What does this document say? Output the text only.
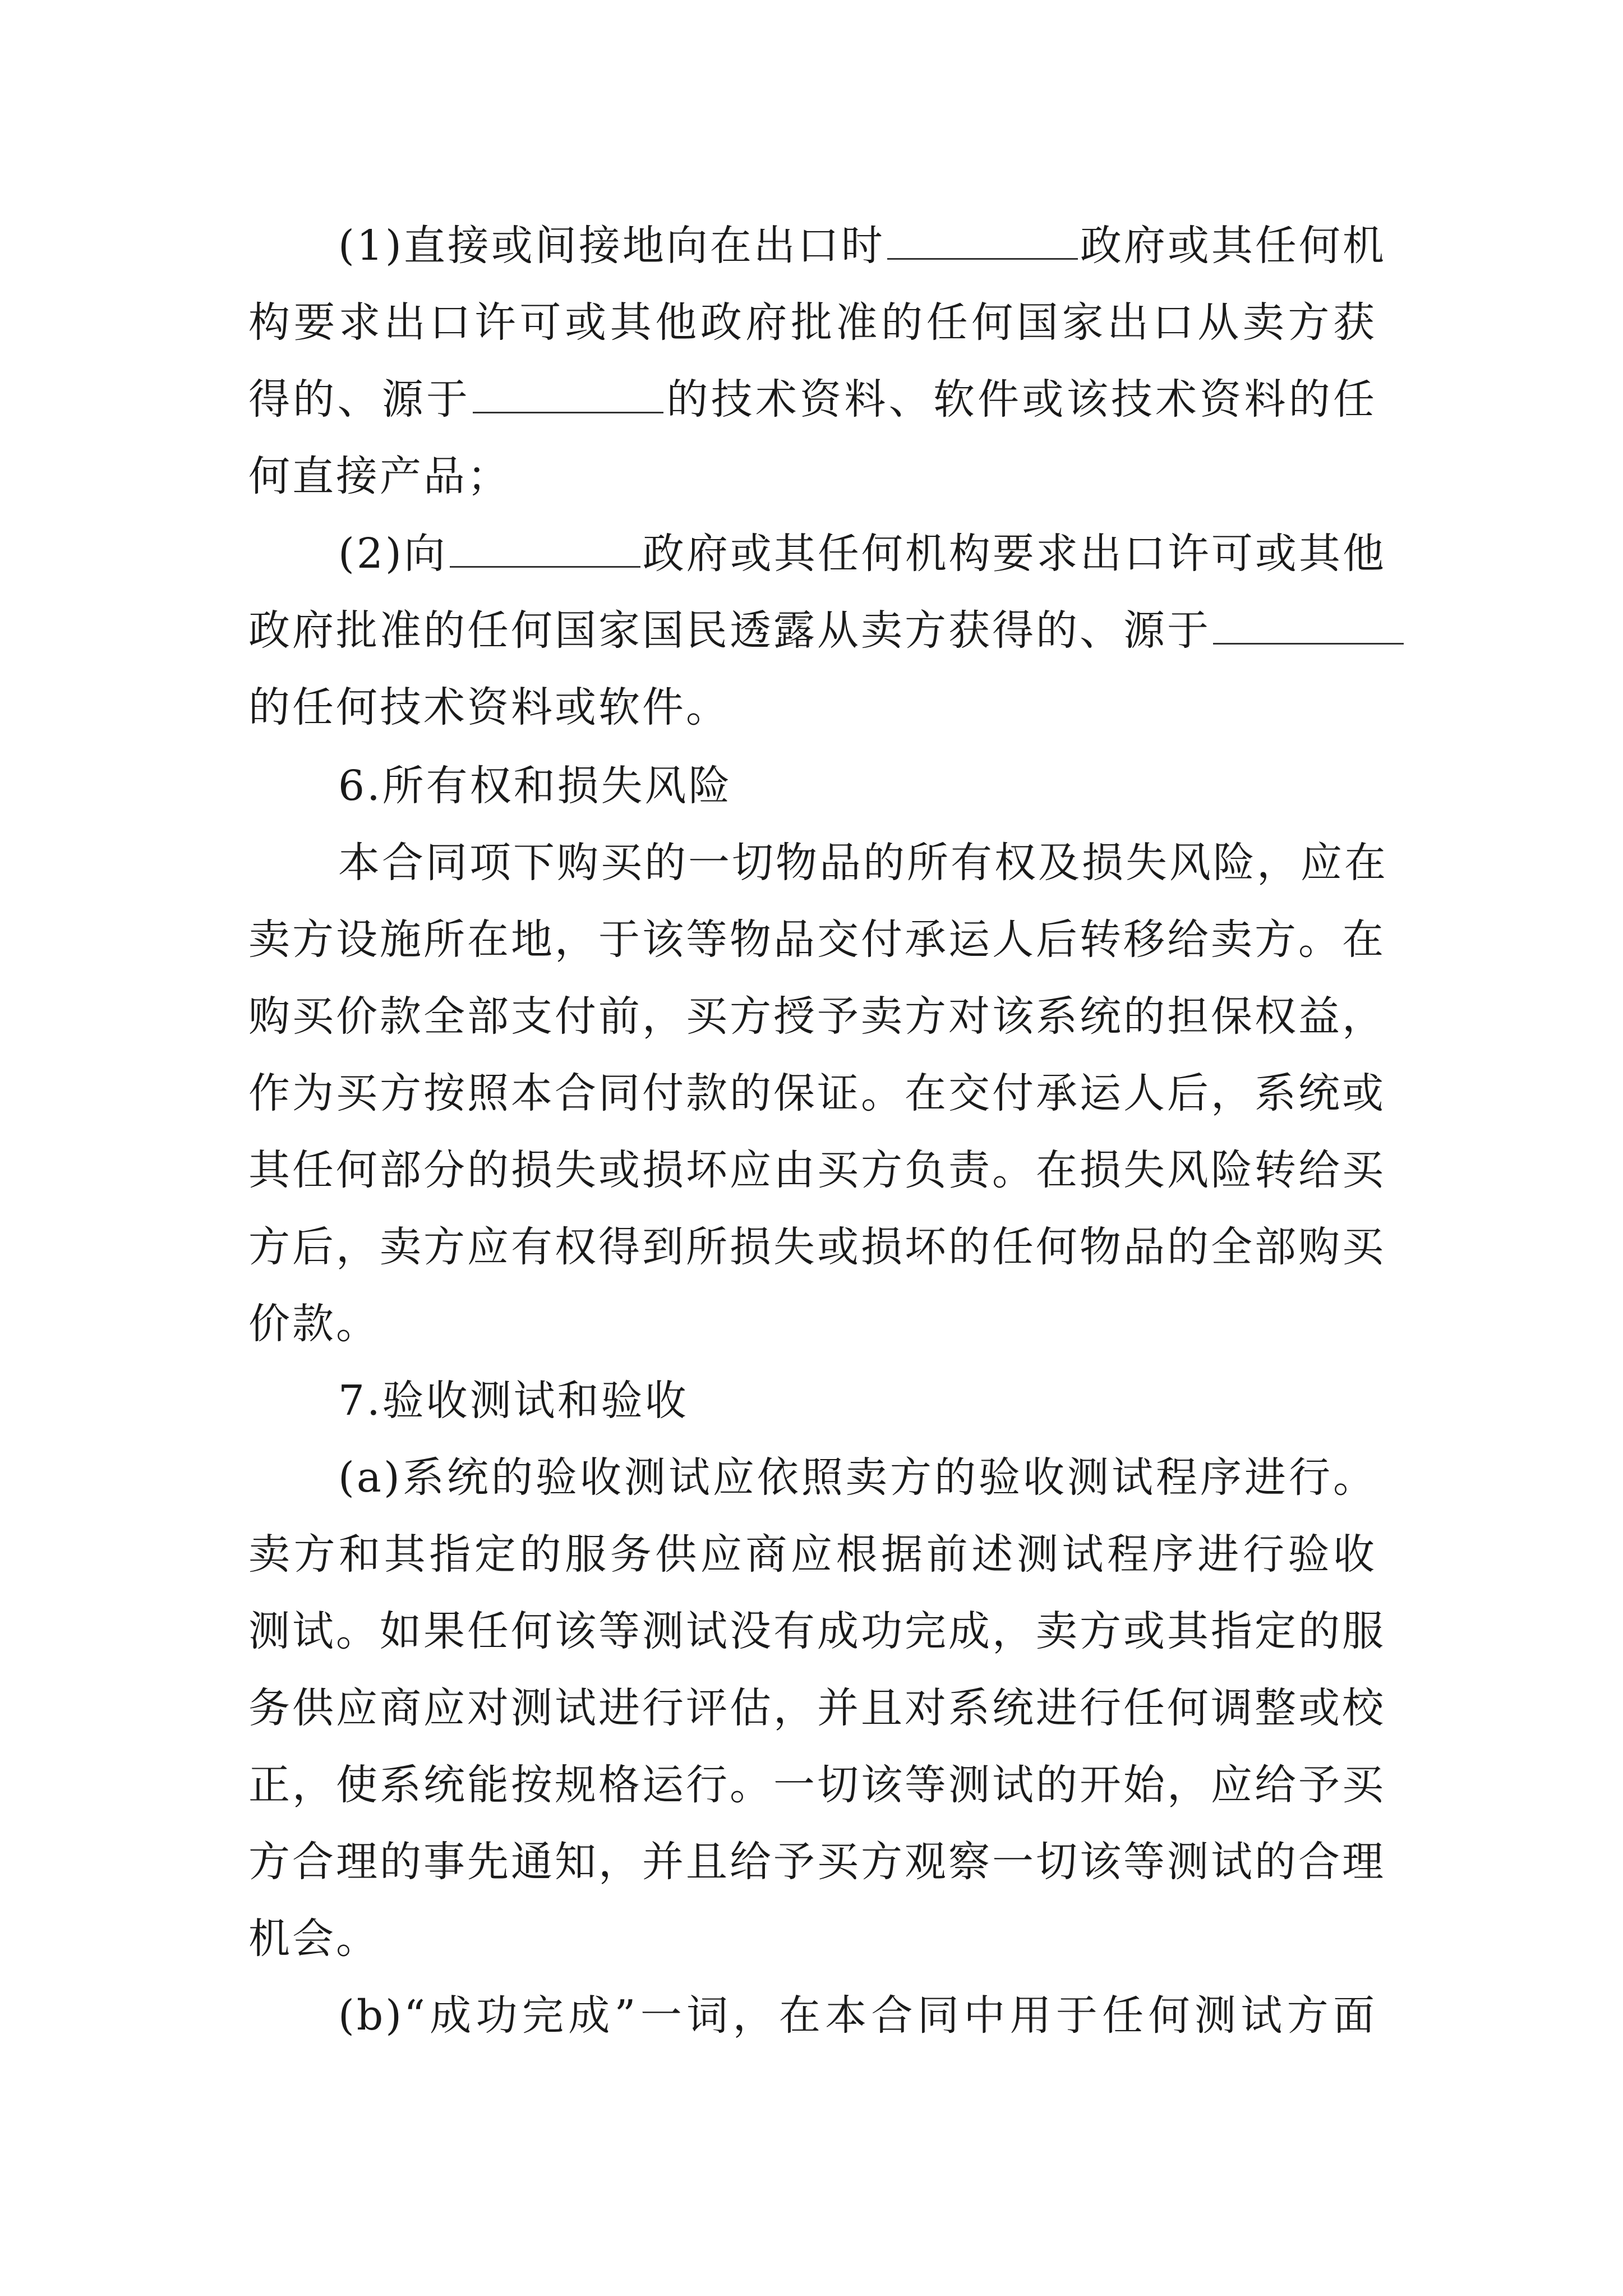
(1)直接或间接地向在出口时	政府或其任何机
构要求出口许可或其他政府批准的任何国家出口从卖方获
得的、源于	的技术资料、软件或该技术资料的任
何直接产品；
(2)向	政府或其任何机构要求出口许可或其他
政府批准的任何国家国民透露从卖方获得的、源于
的任何技术资料或软件。
6.所有权和损失风险
本合同项下购买的一切物品的所有权及损失风险，应在
卖方设施所在地，于该等物品交付承运人后转移给卖方。在
购买价款全部支付前，买方授予卖方对该系统的担保权益，
作为买方按照本合同付款的保证。在交付承运人后，系统或
其任何部分的损失或损坏应由买方负责。在损失风险转给买
方后，卖方应有权得到所损失或损坏的任何物品的全部购买
价款。
7.验收测试和验收
(a)系统的验收测试应依照卖方的验收测试程序进行。
卖方和其指定的服务供应商应根据前述测试程序进行验收
测试。如果任何该等测试没有成功完成，卖方或其指定的服
务供应商应对测试进行评估，并且对系统进行任何调整或校
正，使系统能按规格运行。一切该等测试的开始，应给予买
方合理的事先通知，并且给予买方观察一切该等测试的合理
机会。
(b)“成功完成”一词，在本合同中用于任何测试方面
